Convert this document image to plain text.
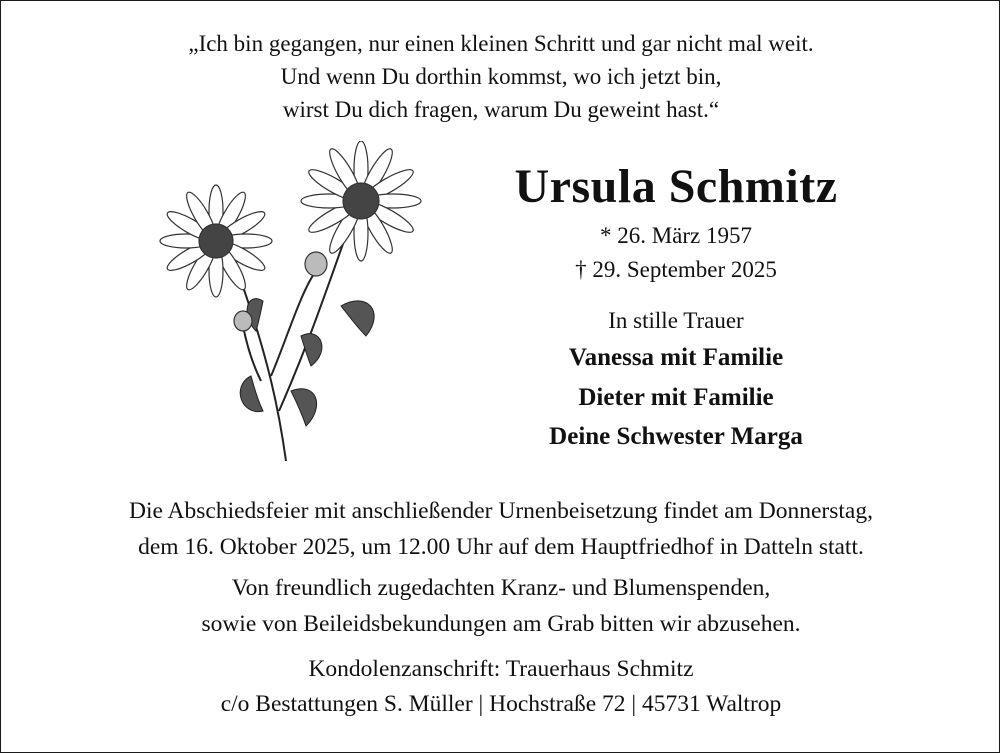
„Ich bin gegangen, nur einen kleinen Schritt und gar nicht mal weit.
Und wenn Du dorthin kommst, wo ich jetzt bin,
wirst Du dich fragen, warum Du geweint hast.“
Ursula Schmitz
* 26. März 1957
† 29. September 2025
In stille Trauer
Vanessa mit Familie
Dieter mit Familie
Deine Schwester Marga
Die Abschiedsfeier mit anschließender Urnenbeisetzung findet am Donnerstag,
dem 16. Oktober 2025, um 12.00 Uhr auf dem Hauptfriedhof in Datteln statt.
Von freundlich zugedachten Kranz- und Blumenspenden,
sowie von Beileidsbekundungen am Grab bitten wir abzusehen.
Kondolenzanschrift: Trauerhaus Schmitz
c/o Bestattungen S. Müller | Hochstraße 72 | 45731 Waltrop
